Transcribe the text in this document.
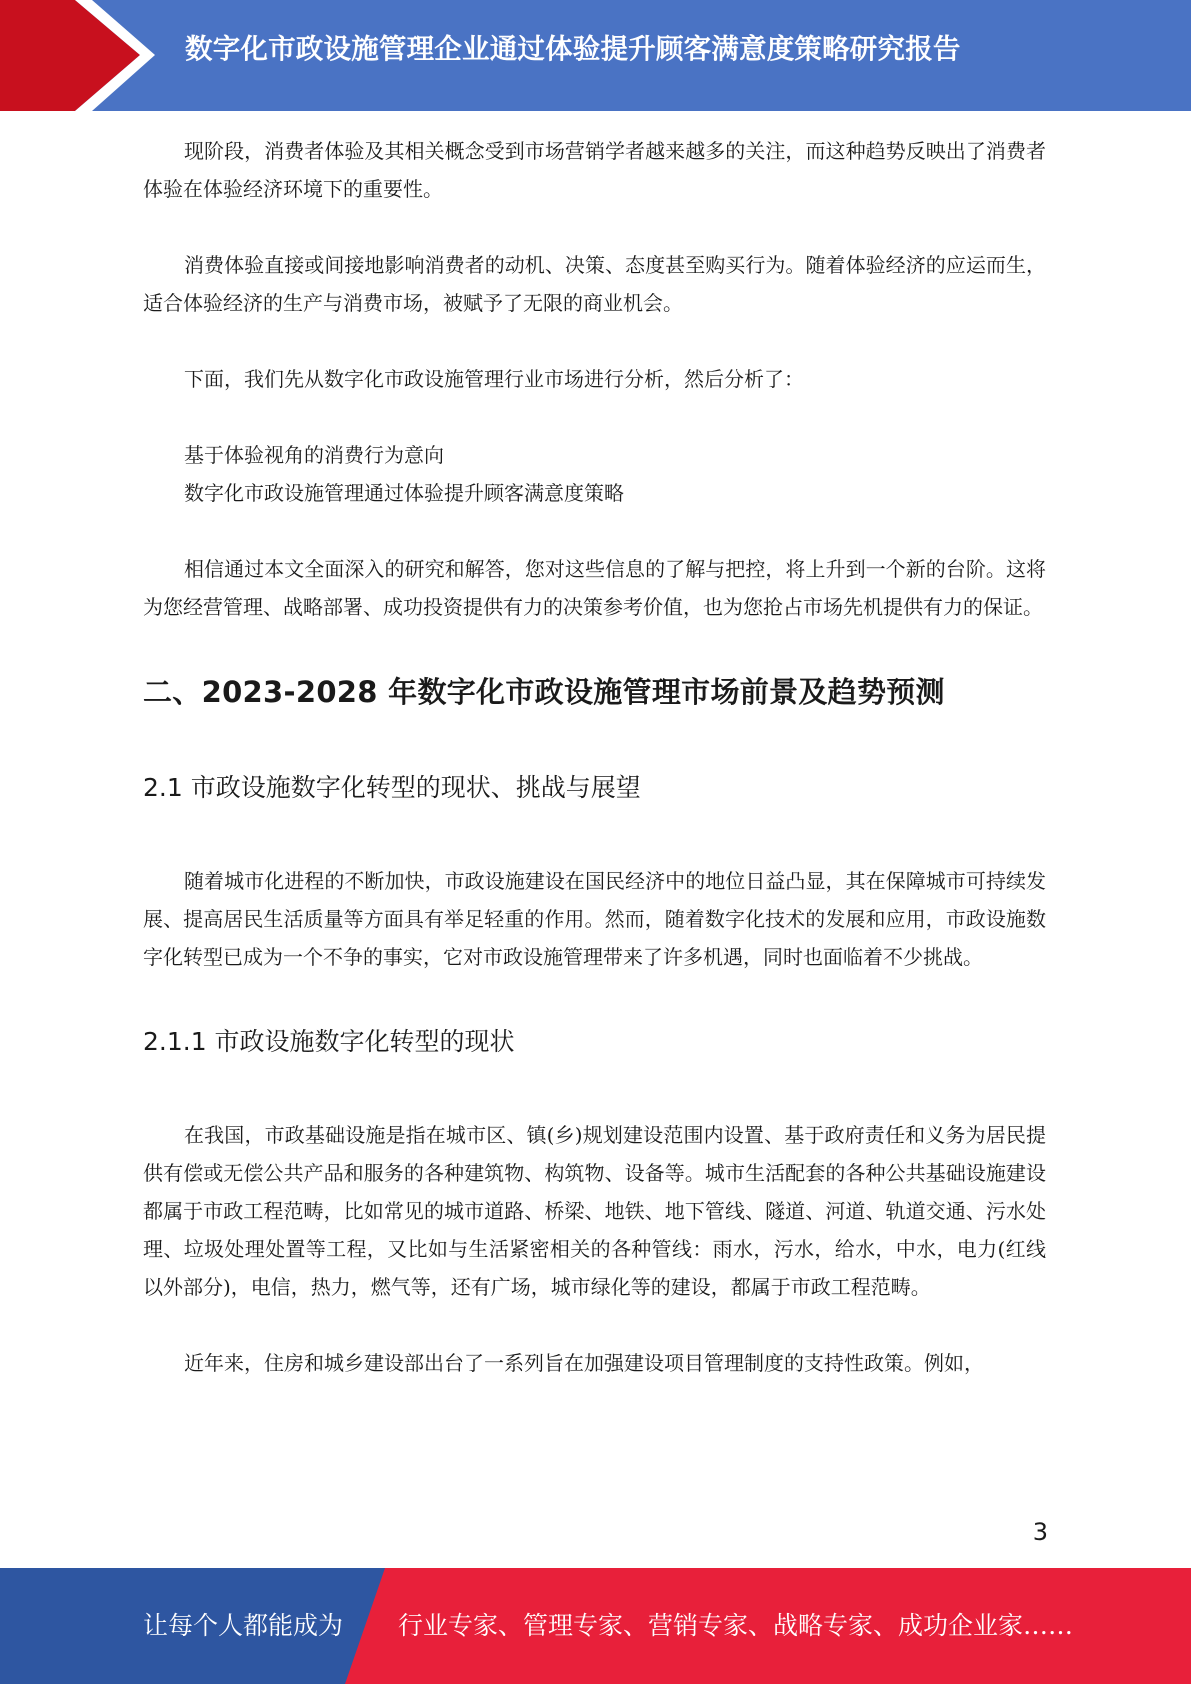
数字化市政设施管理企业通过体验提升顾客满意度策略研究报告

现阶段，消费者体验及其相关概念受到市场营销学者越来越多的关注，而这种趋势反映出了消费者体验在体验经济环境下的重要性。

消费体验直接或间接地影响消费者的动机、决策、态度甚至购买行为。随着体验经济的应运而生，适合体验经济的生产与消费市场，被赋予了无限的商业机会。

下面，我们先从数字化市政设施管理行业市场进行分析，然后分析了：

基于体验视角的消费行为意向

数字化市政设施管理通过体验提升顾客满意度策略

相信通过本文全面深入的研究和解答，您对这些信息的了解与把控，将上升到一个新的台阶。这将为您经营管理、战略部署、成功投资提供有力的决策参考价值，也为您抢占市场先机提供有力的保证。

二、2023-2028 年数字化市政设施管理市场前景及趋势预测
2.1 市政设施数字化转型的现状、挑战与展望

随着城市化进程的不断加快，市政设施建设在国民经济中的地位日益凸显，其在保障城市可持续发展、提高居民生活质量等方面具有举足轻重的作用。然而，随着数字化技术的发展和应用，市政设施数字化转型已成为一个不争的事实，它对市政设施管理带来了许多机遇，同时也面临着不少挑战。

2.1.1 市政设施数字化转型的现状

在我国，市政基础设施是指在城市区、镇(乡)规划建设范围内设置、基于政府责任和义务为居民提供有偿或无偿公共产品和服务的各种建筑物、构筑物、设备等。城市生活配套的各种公共基础设施建设都属于市政工程范畴，比如常见的城市道路、桥梁、地铁、地下管线、隧道、河道、轨道交通、污水处理、垃圾处理处置等工程，又比如与生活紧密相关的各种管线：雨水，污水，给水，中水，电力(红线以外部分)，电信，热力，燃气等，还有广场，城市绿化等的建设，都属于市政工程范畴。

近年来，住房和城乡建设部出台了一系列旨在加强建设项目管理制度的支持性政策。例如，

3
让每个人都能成为 行业专家、管理专家、营销专家、战略专家、成功企业家……
